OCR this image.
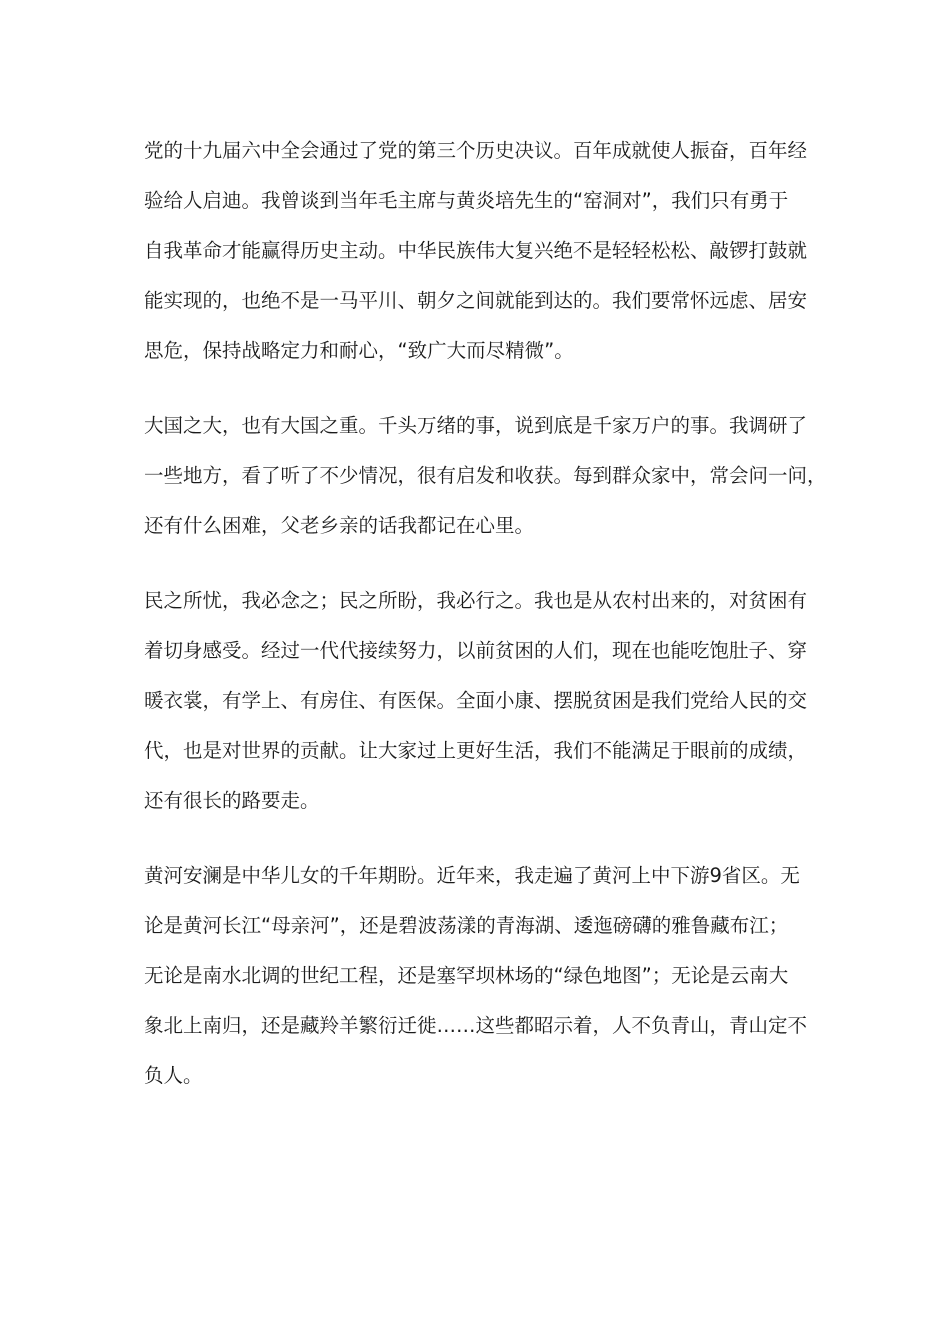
党的十九届六中全会通过了党的第三个历史决议。百年成就使人振奋，百年经
验给人启迪。我曾谈到当年毛主席与黄炎培先生的“窑洞对”，我们只有勇于
自我革命才能赢得历史主动。中华民族伟大复兴绝不是轻轻松松、敲锣打鼓就
能实现的，也绝不是一马平川、朝夕之间就能到达的。我们要常怀远虑、居安
思危，保持战略定力和耐心，“致广大而尽精微”。

大国之大，也有大国之重。千头万绪的事，说到底是千家万户的事。我调研了
一些地方，看了听了不少情况，很有启发和收获。每到群众家中，常会问一问，
还有什么困难，父老乡亲的话我都记在心里。

民之所忧，我必念之；民之所盼，我必行之。我也是从农村出来的，对贫困有
着切身感受。经过一代代接续努力，以前贫困的人们，现在也能吃饱肚子、穿
暖衣裳，有学上、有房住、有医保。全面小康、摆脱贫困是我们党给人民的交
代，也是对世界的贡献。让大家过上更好生活，我们不能满足于眼前的成绩，
还有很长的路要走。

黄河安澜是中华儿女的千年期盼。近年来，我走遍了黄河上中下游9省区。无
论是黄河长江“母亲河”，还是碧波荡漾的青海湖、逶迤磅礴的雅鲁藏布江；
无论是南水北调的世纪工程，还是塞罕坝林场的“绿色地图”；无论是云南大
象北上南归，还是藏羚羊繁衍迁徙……这些都昭示着，人不负青山，青山定不
负人。
